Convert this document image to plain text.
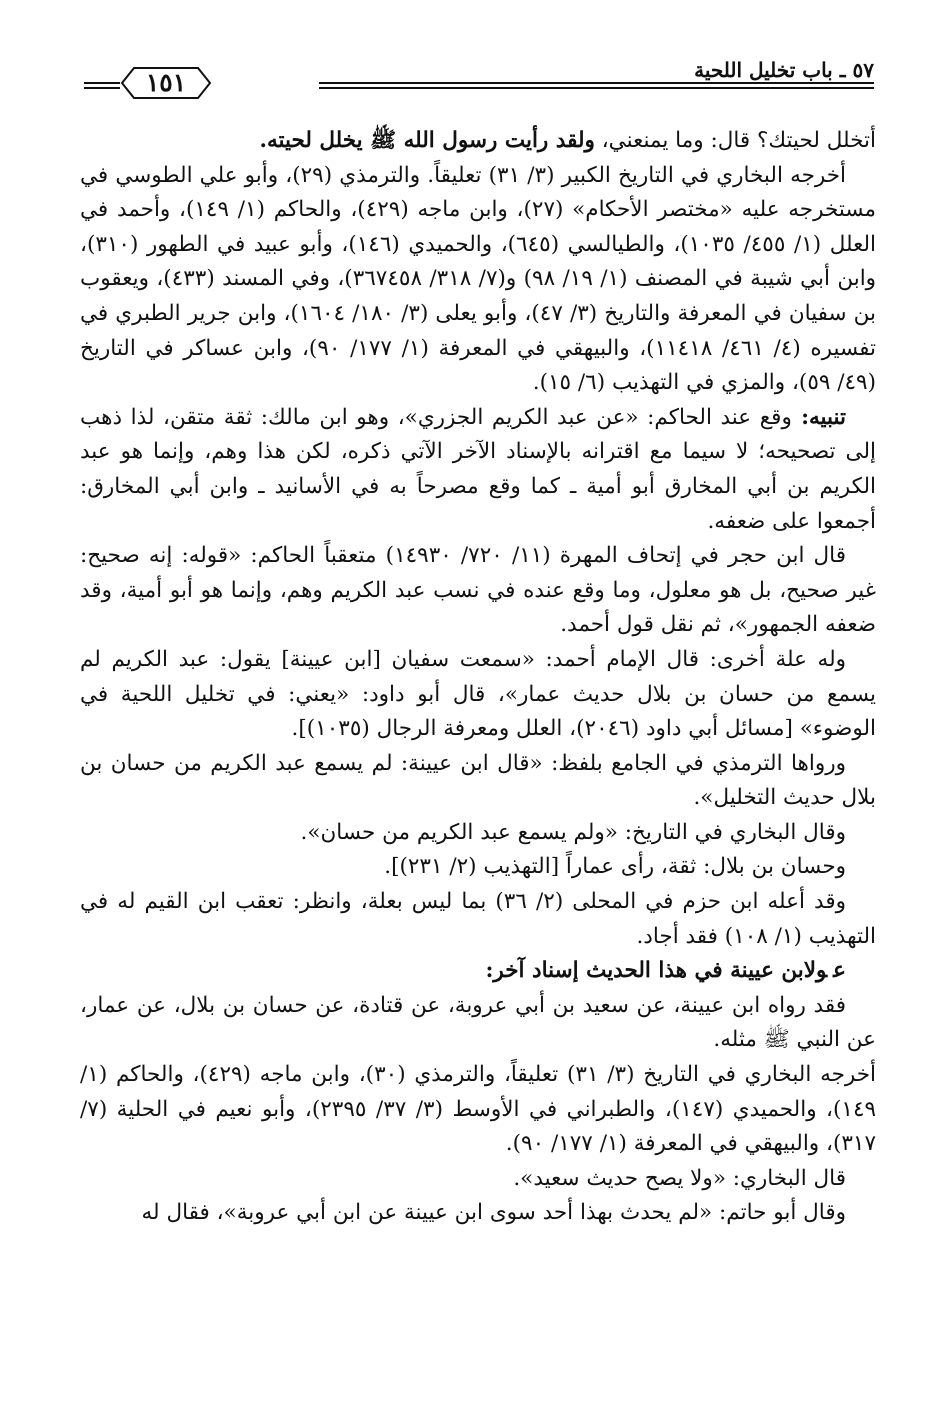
٥٧ ـ باب تخليل اللحية
١٥١

أتخلل لحيتك؟ قال: وما يمنعني، ولقد رأيت رسول الله ﷺ يخلل لحيته.

أخرجه البخاري في التاريخ الكبير (٣/ ٣١) تعليقاً. والترمذي (٢٩)، وأبو علي الطوسي في مستخرجه عليه «مختصر الأحكام» (٢٧)، وابن ماجه (٤٢٩)، والحاكم (١/ ١٤٩)، وأحمد في العلل (١/ ٤٥٥/ ١٠٣٥)، والطيالسي (٦٤٥)، والحميدي (١٤٦)، وأبو عبيد في الطهور (٣١٠)، وابن أبي شيبة في المصنف (١/ ١٩/ ٩٨) و(٧/ ٣١٨/ ٣٦٧٤٥٨)، وفي المسند (٤٣٣)، ويعقوب بن سفيان في المعرفة والتاريخ (٣/ ٤٧)، وأبو يعلى (٣/ ١٨٠/ ١٦٠٤)، وابن جرير الطبري في تفسيره (٤/ ٤٦١/ ١١٤١٨)، والبيهقي في المعرفة (١/ ١٧٧/ ٩٠)، وابن عساكر في التاريخ (٤٩/ ٥٩)، والمزي في التهذيب (٦/ ١٥).

تنبيه: وقع عند الحاكم: «عن عبد الكريم الجزري»، وهو ابن مالك: ثقة متقن، لذا ذهب إلى تصحيحه؛ لا سيما مع اقترانه بالإسناد الآخر الآتي ذكره، لكن هذا وهم، وإنما هو عبد الكريم بن أبي المخارق أبو أمية ـ كما وقع مصرحاً به في الأسانيد ـ وابن أبي المخارق: أجمعوا على ضعفه.

قال ابن حجر في إتحاف المهرة (١١/ ٧٢٠/ ١٤٩٣٠) متعقباً الحاكم: «قوله: إنه صحيح: غير صحيح، بل هو معلول، وما وقع عنده في نسب عبد الكريم وهم، وإنما هو أبو أمية، وقد ضعفه الجمهور»، ثم نقل قول أحمد.

وله علة أخرى: قال الإمام أحمد: «سمعت سفيان [ابن عيينة] يقول: عبد الكريم لم يسمع من حسان بن بلال حديث عمار»، قال أبو داود: «يعني: في تخليل اللحية في الوضوء» [مسائل أبي داود (٢٠٤٦)، العلل ومعرفة الرجال (١٠٣٥)].

ورواها الترمذي في الجامع بلفظ: «قال ابن عيينة: لم يسمع عبد الكريم من حسان بن بلال حديث التخليل».

وقال البخاري في التاريخ: «ولم يسمع عبد الكريم من حسان».

وحسان بن بلال: ثقة، رأى عماراً [التهذيب (٢/ ٢٣١)].

وقد أعله ابن حزم في المحلى (٢/ ٣٦) بما ليس بعلة، وانظر: تعقب ابن القيم له في التهذيب (١/ ١٠٨) فقد أجاد.

عولابن عيينة في هذا الحديث إسناد آخر:

فقد رواه ابن عيينة، عن سعيد بن أبي عروبة، عن قتادة، عن حسان بن بلال، عن عمار، عن النبي ﷺ مثله.

أخرجه البخاري في التاريخ (٣/ ٣١) تعليقاً، والترمذي (٣٠)، وابن ماجه (٤٢٩)، والحاكم (١/ ١٤٩)، والحميدي (١٤٧)، والطبراني في الأوسط (٣/ ٣٧/ ٢٣٩٥)، وأبو نعيم في الحلية (٧/ ٣١٧)، والبيهقي في المعرفة (١/ ١٧٧/ ٩٠).

قال البخاري: «ولا يصح حديث سعيد».

وقال أبو حاتم: «لم يحدث بهذا أحد سوى ابن عيينة عن ابن أبي عروبة»، فقال له
